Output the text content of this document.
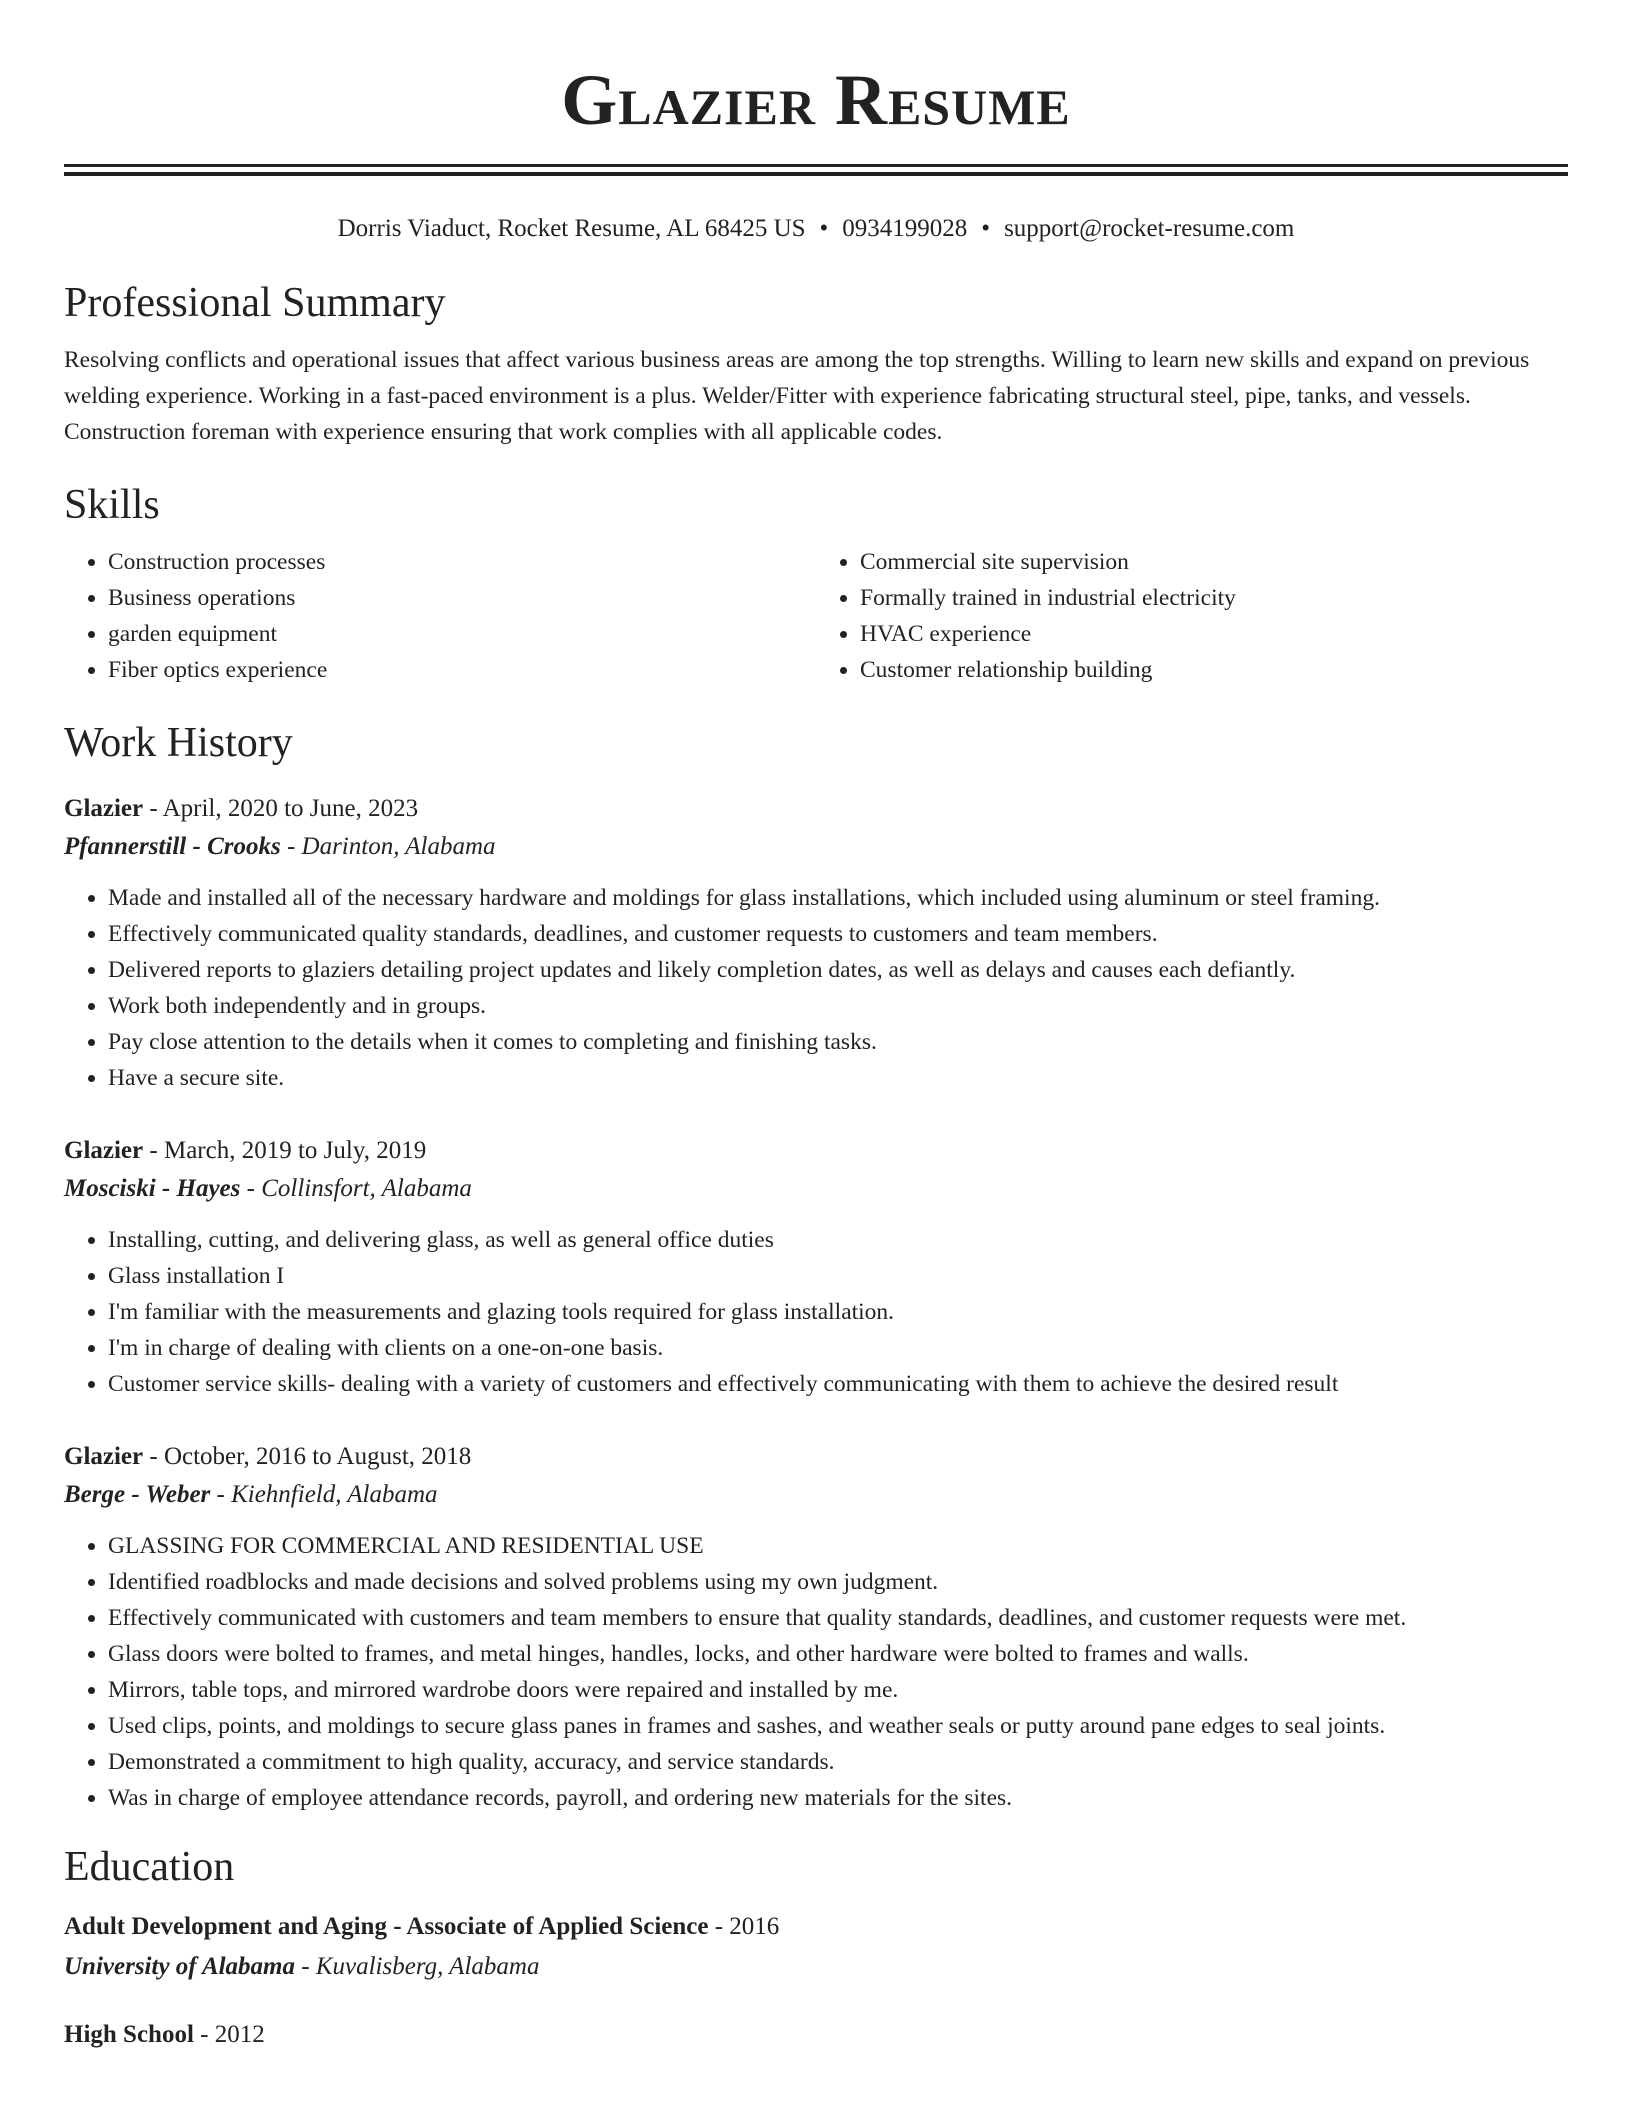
Glazier Resume
Dorris Viaduct, Rocket Resume, AL 68425 US • 0934199028 • support@rocket-resume.com
Professional Summary

Resolving conflicts and operational issues that affect various business areas are among the top strengths. Willing to learn new skills and expand on previous welding experience. Working in a fast-paced environment is a plus. Welder/Fitter with experience fabricating structural steel, pipe, tanks, and vessels. Construction foreman with experience ensuring that work complies with all applicable codes.

Skills
• Construction processes
• Business operations
• garden equipment
• Fiber optics experience
• Commercial site supervision
• Formally trained in industrial electricity
• HVAC experience
• Customer relationship building
Work History
Glazier - April, 2020 to June, 2023
Pfannerstill - Crooks - Darinton, Alabama
• Made and installed all of the necessary hardware and moldings for glass installations, which included using aluminum or steel framing.
• Effectively communicated quality standards, deadlines, and customer requests to customers and team members.
• Delivered reports to glaziers detailing project updates and likely completion dates, as well as delays and causes each defiantly.
• Work both independently and in groups.
• Pay close attention to the details when it comes to completing and finishing tasks.
• Have a secure site.
Glazier - March, 2019 to July, 2019
Mosciski - Hayes - Collinsfort, Alabama
• Installing, cutting, and delivering glass, as well as general office duties
• Glass installation I
• I'm familiar with the measurements and glazing tools required for glass installation.
• I'm in charge of dealing with clients on a one-on-one basis.
• Customer service skills- dealing with a variety of customers and effectively communicating with them to achieve the desired result
Glazier - October, 2016 to August, 2018
Berge - Weber - Kiehnfield, Alabama
• GLASSING FOR COMMERCIAL AND RESIDENTIAL USE
• Identified roadblocks and made decisions and solved problems using my own judgment.
• Effectively communicated with customers and team members to ensure that quality standards, deadlines, and customer requests were met.
• Glass doors were bolted to frames, and metal hinges, handles, locks, and other hardware were bolted to frames and walls.
• Mirrors, table tops, and mirrored wardrobe doors were repaired and installed by me.
• Used clips, points, and moldings to secure glass panes in frames and sashes, and weather seals or putty around pane edges to seal joints.
• Demonstrated a commitment to high quality, accuracy, and service standards.
• Was in charge of employee attendance records, payroll, and ordering new materials for the sites.
Education
Adult Development and Aging - Associate of Applied Science - 2016
University of Alabama - Kuvalisberg, Alabama
High School - 2012
